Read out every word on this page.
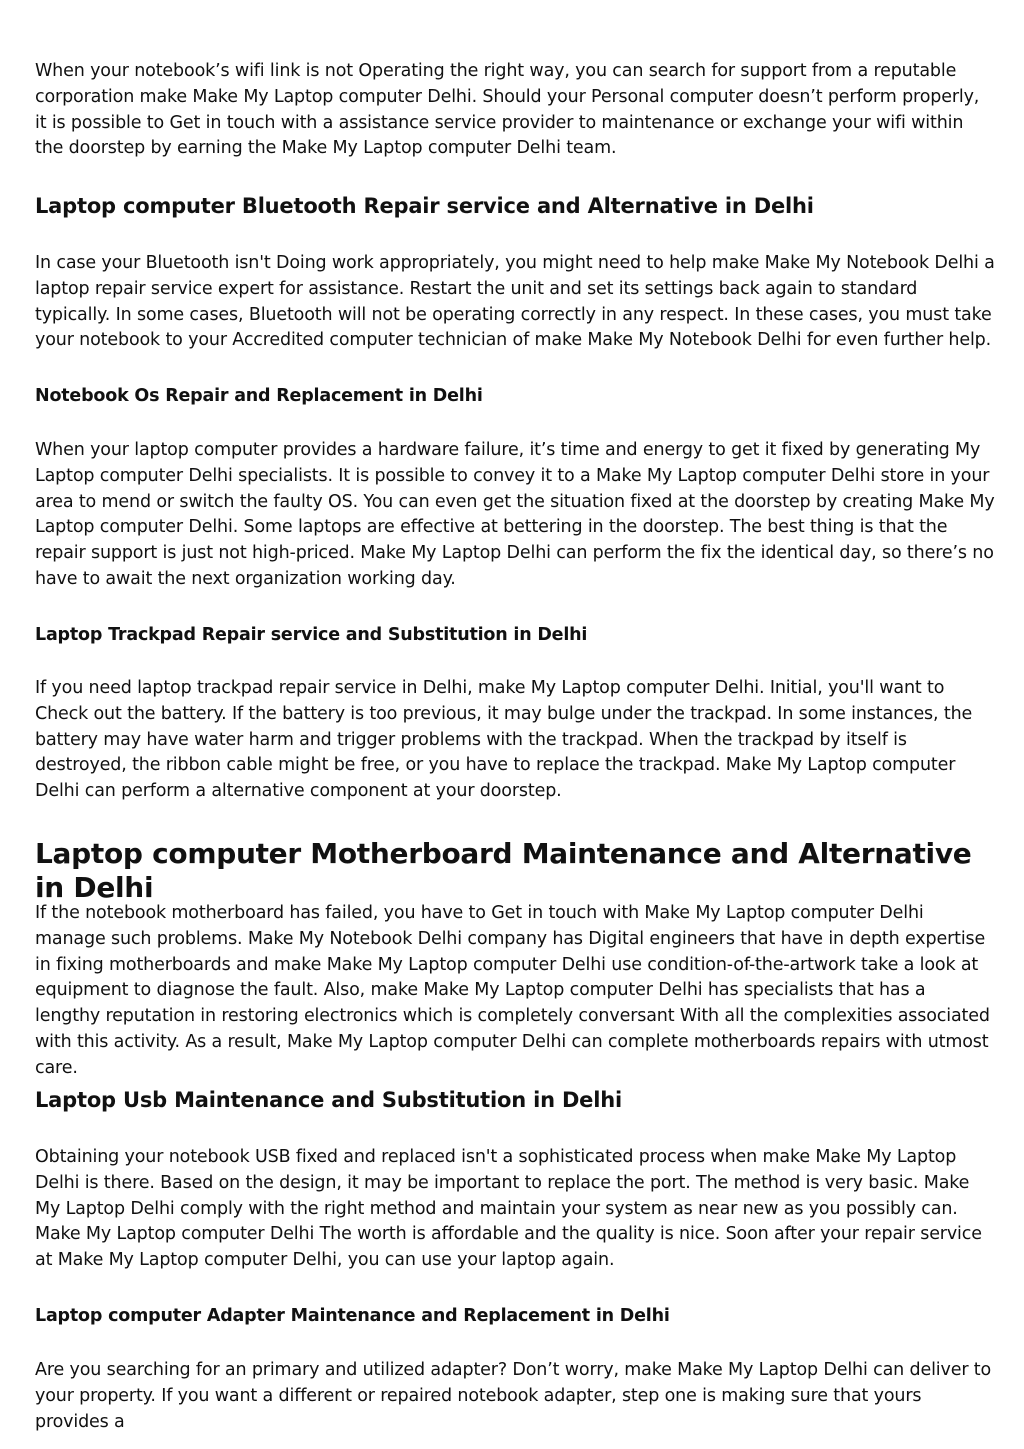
When your notebook’s wifi link is not Operating the right way, you can search for support from a reputable corporation make Make My Laptop computer Delhi. Should your Personal computer doesn’t perform properly, it is possible to Get in touch with a assistance service provider to maintenance or exchange your wifi within the doorstep by earning the Make My Laptop computer Delhi team.

Laptop computer Bluetooth Repair service and Alternative in Delhi

In case your Bluetooth isn't Doing work appropriately, you might need to help make Make My Notebook Delhi a laptop repair service expert for assistance. Restart the unit and set its settings back again to standard typically. In some cases, Bluetooth will not be operating correctly in any respect. In these cases, you must take your notebook to your Accredited computer technician of make Make My Notebook Delhi for even further help.

Notebook Os Repair and Replacement in Delhi

When your laptop computer provides a hardware failure, it’s time and energy to get it fixed by generating My Laptop computer Delhi specialists. It is possible to convey it to a Make My Laptop computer Delhi store in your area to mend or switch the faulty OS. You can even get the situation fixed at the doorstep by creating Make My Laptop computer Delhi. Some laptops are effective at bettering in the doorstep. The best thing is that the repair support is just not high-priced. Make My Laptop Delhi can perform the fix the identical day, so there’s no have to await the next organization working day.

Laptop Trackpad Repair service and Substitution in Delhi

If you need laptop trackpad repair service in Delhi, make My Laptop computer Delhi. Initial, you'll want to Check out the battery. If the battery is too previous, it may bulge under the trackpad. In some instances, the battery may have water harm and trigger problems with the trackpad. When the trackpad by itself is destroyed, the ribbon cable might be free, or you have to replace the trackpad. Make My Laptop computer Delhi can perform a alternative component at your doorstep.

Laptop computer Motherboard Maintenance and Alternative in Delhi

If the notebook motherboard has failed, you have to Get in touch with Make My Laptop computer Delhi manage such problems. Make My Notebook Delhi company has Digital engineers that have in depth expertise in fixing motherboards and make Make My Laptop computer Delhi use condition-of-the-artwork take a look at equipment to diagnose the fault. Also, make Make My Laptop computer Delhi has specialists that has a lengthy reputation in restoring electronics which is completely conversant With all the complexities associated with this activity. As a result, Make My Laptop computer Delhi can complete motherboards repairs with utmost care.

Laptop Usb Maintenance and Substitution in Delhi

Obtaining your notebook USB fixed and replaced isn't a sophisticated process when make Make My Laptop Delhi is there. Based on the design, it may be important to replace the port. The method is very basic. Make My Laptop Delhi comply with the right method and maintain your system as near new as you possibly can. Make My Laptop computer Delhi The worth is affordable and the quality is nice. Soon after your repair service at Make My Laptop computer Delhi, you can use your laptop again.

Laptop computer Adapter Maintenance and Replacement in Delhi

Are you searching for an primary and utilized adapter? Don’t worry, make Make My Laptop Delhi can deliver to your property. If you want a different or repaired notebook adapter, step one is making sure that yours provides a
